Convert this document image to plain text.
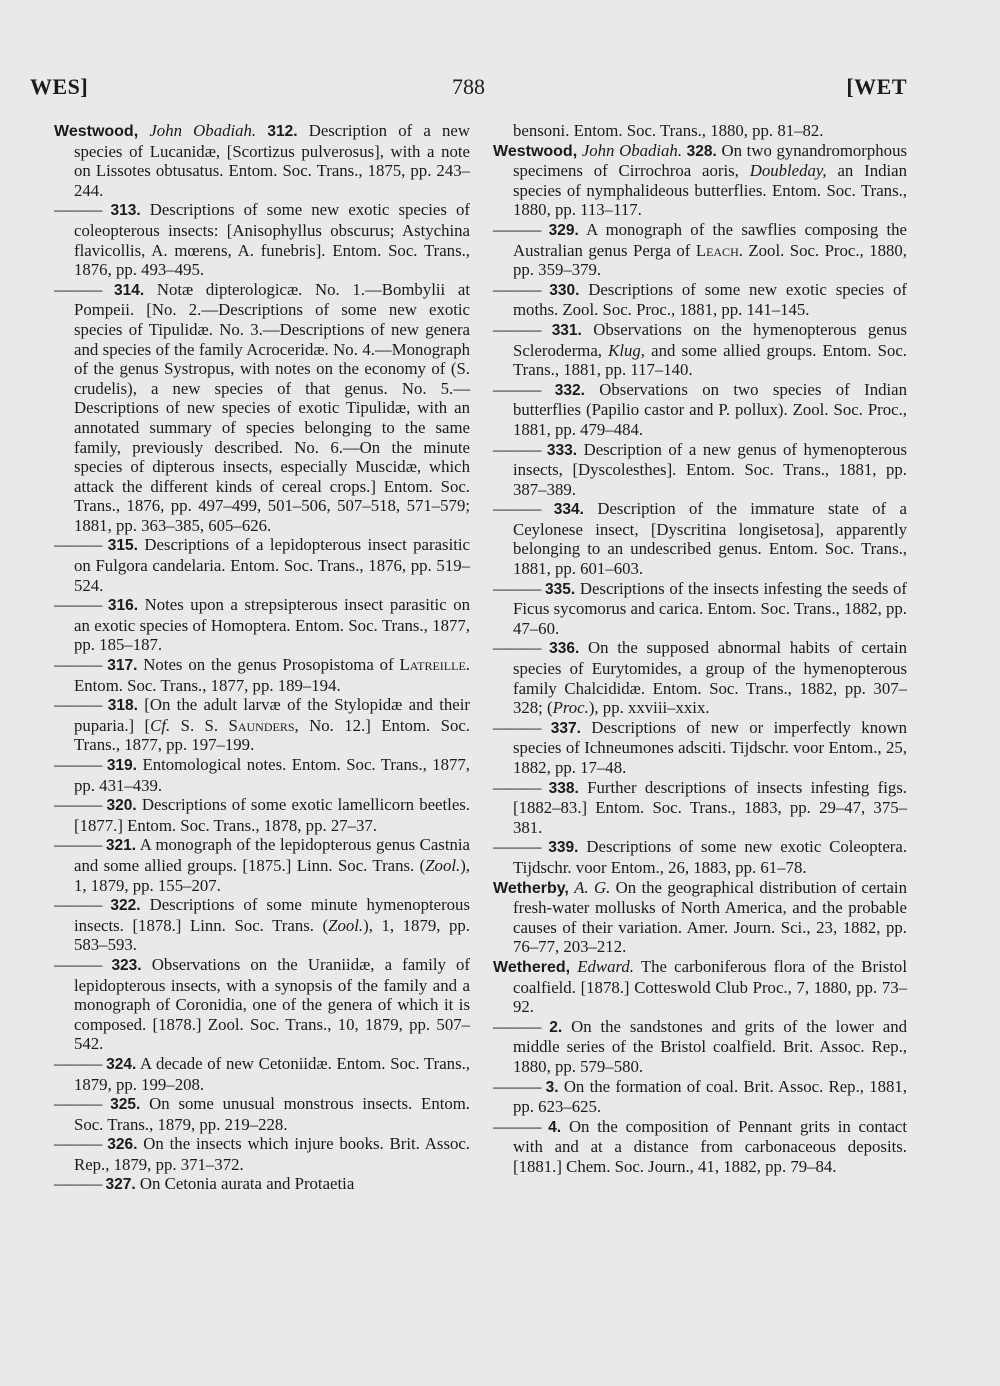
WES]	788	[WET

Westwood, John Obadiah. 312. Description of a new species of Lucanidæ, [Scortizus pulverosus], with a note on Lissotes obtusatus. Entom. Soc. Trans., 1875, pp. 243–244.

——— 313. Descriptions of some new exotic species of coleopterous insects: [Anisophyllus obscurus; Astychina flavicollis, A. mœrens, A. funebris]. Entom. Soc. Trans., 1876, pp. 493–495.

——— 314. Notæ dipterologicæ. No. 1.—Bombylii at Pompeii. [No. 2.—Descriptions of some new exotic species of Tipulidæ. No. 3.—Descriptions of new genera and species of the family Acroceridæ. No. 4.—Monograph of the genus Systropus, with notes on the economy of (S. crudelis), a new species of that genus. No. 5.—Descriptions of new species of exotic Tipulidæ, with an annotated summary of species belonging to the same family, previously described. No. 6.—On the minute species of dipterous insects, especially Muscidæ, which attack the different kinds of cereal crops.] Entom. Soc. Trans., 1876, pp. 497–499, 501–506, 507–518, 571–579; 1881, pp. 363–385, 605–626.

——— 315. Descriptions of a lepidopterous insect parasitic on Fulgora candelaria. Entom. Soc. Trans., 1876, pp. 519–524.

——— 316. Notes upon a strepsipterous insect parasitic on an exotic species of Homoptera. Entom. Soc. Trans., 1877, pp. 185–187.

——— 317. Notes on the genus Prosopistoma of Latreille. Entom. Soc. Trans., 1877, pp. 189–194.

——— 318. [On the adult larvæ of the Stylopidæ and their puparia.] [Cf. S. S. Saunders, No. 12.] Entom. Soc. Trans., 1877, pp. 197–199.

——— 319. Entomological notes. Entom. Soc. Trans., 1877, pp. 431–439.

——— 320. Descriptions of some exotic lamellicorn beetles. [1877.] Entom. Soc. Trans., 1878, pp. 27–37.

——— 321. A monograph of the lepidopterous genus Castnia and some allied groups. [1875.] Linn. Soc. Trans. (Zool.), 1, 1879, pp. 155–207.

——— 322. Descriptions of some minute hymenopterous insects. [1878.] Linn. Soc. Trans. (Zool.), 1, 1879, pp. 583–593.

——— 323. Observations on the Uraniidæ, a family of lepidopterous insects, with a synopsis of the family and a monograph of Coronidia, one of the genera of which it is composed. [1878.] Zool. Soc. Trans., 10, 1879, pp. 507–542.

——— 324. A decade of new Cetoniidæ. Entom. Soc. Trans., 1879, pp. 199–208.

——— 325. On some unusual monstrous insects. Entom. Soc. Trans., 1879, pp. 219–228.

——— 326. On the insects which injure books. Brit. Assoc. Rep., 1879, pp. 371–372.

——— 327. On Cetonia aurata and Protaetia

bensoni. Entom. Soc. Trans., 1880, pp. 81–82.

Westwood, John Obadiah. 328. On two gynandromorphous specimens of Cirrochroa aoris, Doubleday, an Indian species of nymphalideous butterflies. Entom. Soc. Trans., 1880, pp. 113–117.

——— 329. A monograph of the sawflies composing the Australian genus Perga of Leach. Zool. Soc. Proc., 1880, pp. 359–379.

——— 330. Descriptions of some new exotic species of moths. Zool. Soc. Proc., 1881, pp. 141–145.

——— 331. Observations on the hymenopterous genus Scleroderma, Klug, and some allied groups. Entom. Soc. Trans., 1881, pp. 117–140.

——— 332. Observations on two species of Indian butterflies (Papilio castor and P. pollux). Zool. Soc. Proc., 1881, pp. 479–484.

——— 333. Description of a new genus of hymenopterous insects, [Dyscolesthes]. Entom. Soc. Trans., 1881, pp. 387–389.

——— 334. Description of the immature state of a Ceylonese insect, [Dyscritina longisetosa], apparently belonging to an undescribed genus. Entom. Soc. Trans., 1881, pp. 601–603.

——— 335. Descriptions of the insects infesting the seeds of Ficus sycomorus and carica. Entom. Soc. Trans., 1882, pp. 47–60.

——— 336. On the supposed abnormal habits of certain species of Eurytomides, a group of the hymenopterous family Chalcididæ. Entom. Soc. Trans., 1882, pp. 307–328; (Proc.), pp. xxviii–xxix.

——— 337. Descriptions of new or imperfectly known species of Ichneumones adsciti. Tijdschr. voor Entom., 25, 1882, pp. 17–48.

——— 338. Further descriptions of insects infesting figs. [1882–83.] Entom. Soc. Trans., 1883, pp. 29–47, 375–381.

——— 339. Descriptions of some new exotic Coleoptera. Tijdschr. voor Entom., 26, 1883, pp. 61–78.

Wetherby, A. G. On the geographical distribution of certain fresh-water mollusks of North America, and the probable causes of their variation. Amer. Journ. Sci., 23, 1882, pp. 76–77, 203–212.

Wethered, Edward. The carboniferous flora of the Bristol coalfield. [1878.] Cotteswold Club Proc., 7, 1880, pp. 73–92.

——— 2. On the sandstones and grits of the lower and middle series of the Bristol coalfield. Brit. Assoc. Rep., 1880, pp. 579–580.

——— 3. On the formation of coal. Brit. Assoc. Rep., 1881, pp. 623–625.

——— 4. On the composition of Pennant grits in contact with and at a distance from carbonaceous deposits. [1881.] Chem. Soc. Journ., 41, 1882, pp. 79–84.
